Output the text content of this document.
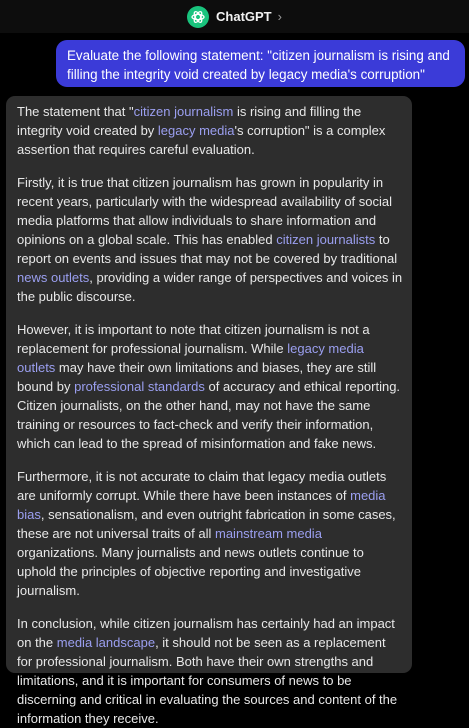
ChatGPT ›
Evaluate the following statement: "citizen journalism is rising and filling the integrity void created by legacy media's corruption"

The statement that "citizen journalism is rising and filling the integrity void created by legacy media's corruption" is a complex assertion that requires careful evaluation.

Firstly, it is true that citizen journalism has grown in popularity in recent years, particularly with the widespread availability of social media platforms that allow individuals to share information and opinions on a global scale. This has enabled citizen journalists to report on events and issues that may not be covered by traditional news outlets, providing a wider range of perspectives and voices in the public discourse.

However, it is important to note that citizen journalism is not a replacement for professional journalism. While legacy media outlets may have their own limitations and biases, they are still bound by professional standards of accuracy and ethical reporting. Citizen journalists, on the other hand, may not have the same training or resources to fact-check and verify their information, which can lead to the spread of misinformation and fake news.

Furthermore, it is not accurate to claim that legacy media outlets are uniformly corrupt. While there have been instances of media bias, sensationalism, and even outright fabrication in some cases, these are not universal traits of all mainstream media organizations. Many journalists and news outlets continue to uphold the principles of objective reporting and investigative journalism.

In conclusion, while citizen journalism has certainly had an impact on the media landscape, it should not be seen as a replacement for professional journalism. Both have their own strengths and limitations, and it is important for consumers of news to be discerning and critical in evaluating the sources and content of the information they receive.
